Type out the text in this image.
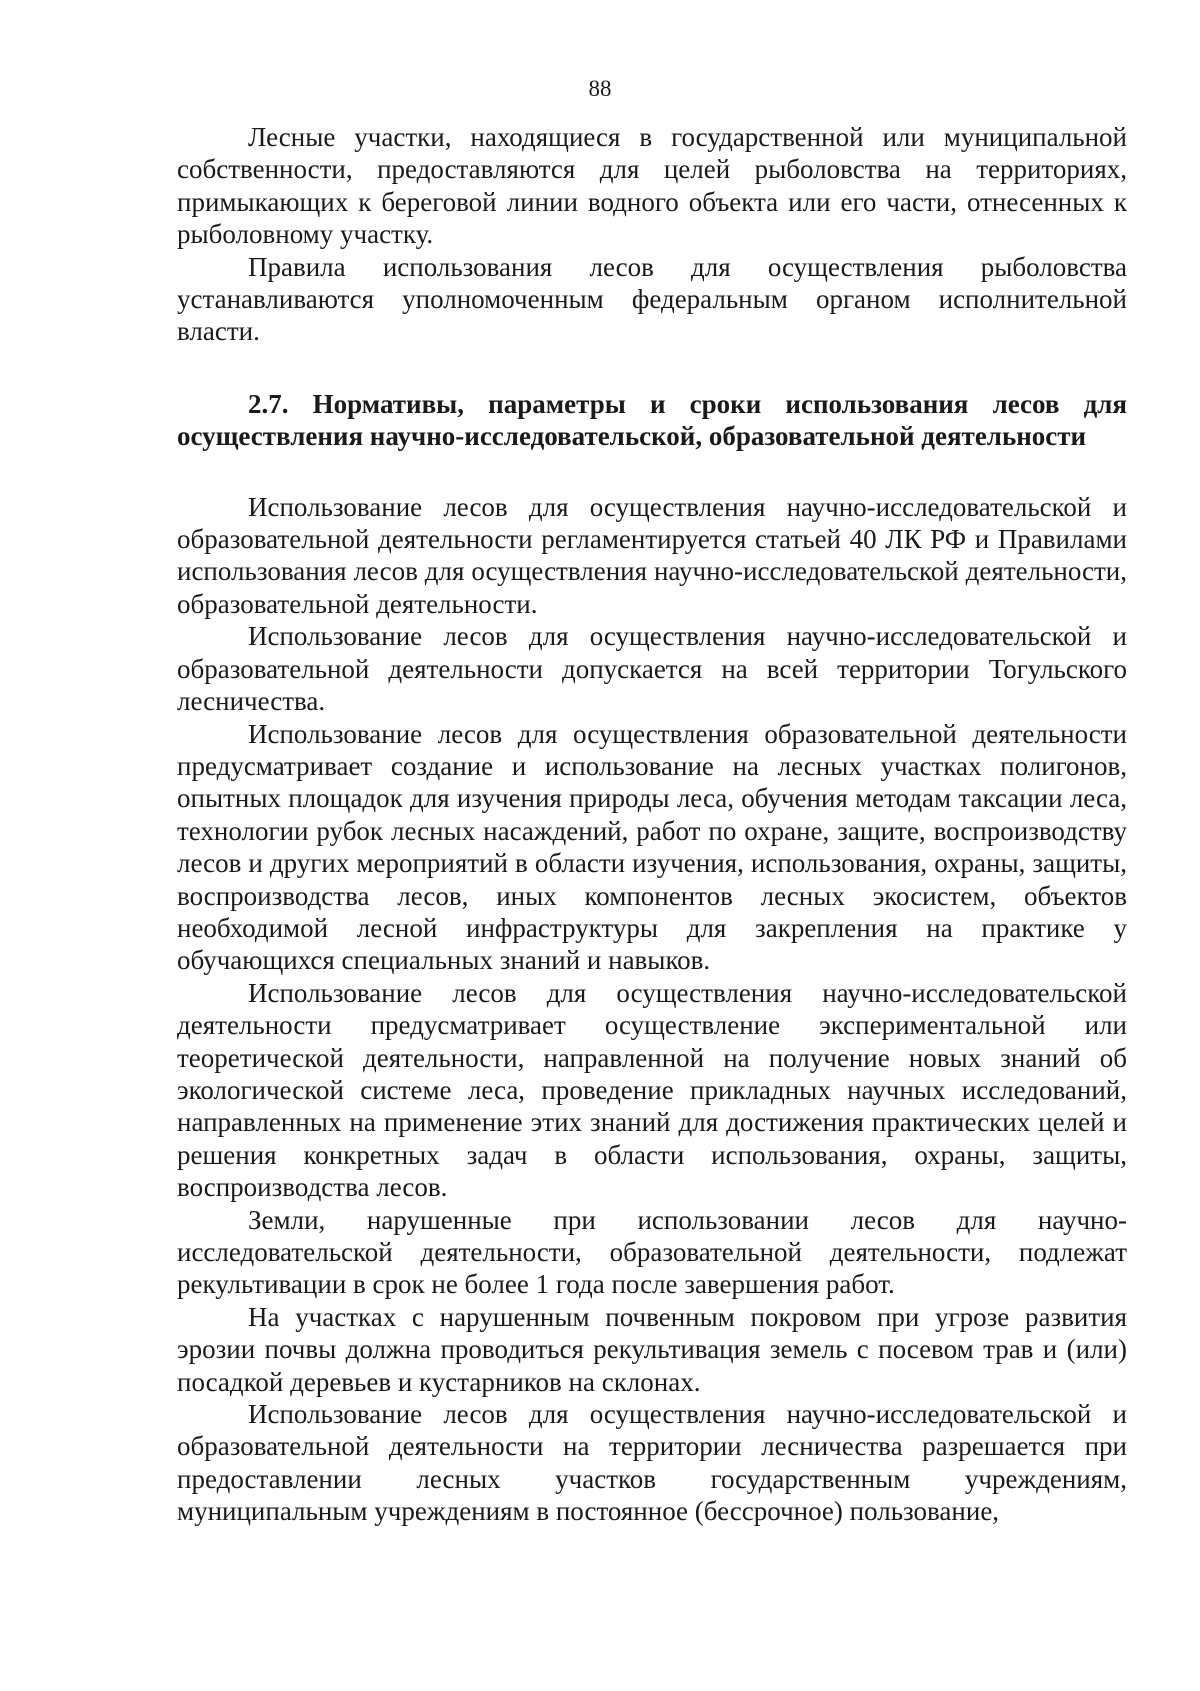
88

Лесные участки, находящиеся в государственной или муниципальной собственности, предоставляются для целей рыболовства на территориях, примыкающих к береговой линии водного объекта или его части, отнесенных к рыболовному участку.

Правила использования лесов для осуществления рыболовства устанавливаются уполномоченным федеральным органом исполнительной власти.

2.7. Нормативы, параметры и сроки использования лесов для осуществления научно-исследовательской, образовательной деятельности

Использование лесов для осуществления научно-исследовательской и образовательной деятельности регламентируется статьей 40 ЛК РФ и Правилами использования лесов для осуществления научно-исследовательской деятельности, образовательной деятельности.

Использование лесов для осуществления научно-исследовательской и образовательной деятельности допускается на всей территории Тогульского лесничества.

Использование лесов для осуществления образовательной деятельности предусматривает создание и использование на лесных участках полигонов, опытных площадок для изучения природы леса, обучения методам таксации леса, технологии рубок лесных насаждений, работ по охране, защите, воспроизводству лесов и других мероприятий в области изучения, использования, охраны, защиты, воспроизводства лесов, иных компонентов лесных экосистем, объектов необходимой лесной инфраструктуры для закрепления на практике у обучающихся специальных знаний и навыков.

Использование лесов для осуществления научно-исследовательской деятельности предусматривает осуществление экспериментальной или теоретической деятельности, направленной на получение новых знаний об экологической системе леса, проведение прикладных научных исследований, направленных на применение этих знаний для достижения практических целей и решения конкретных задач в области использования, охраны, защиты, воспроизводства лесов.

Земли, нарушенные при использовании лесов для научно-исследовательской деятельности, образовательной деятельности, подлежат рекультивации в срок не более 1 года после завершения работ.

На участках с нарушенным почвенным покровом при угрозе развития эрозии почвы должна проводиться рекультивация земель с посевом трав и (или) посадкой деревьев и кустарников на склонах.

Использование лесов для осуществления научно-исследовательской и образовательной деятельности на территории лесничества разрешается при предоставлении лесных участков государственным учреждениям, муниципальным учреждениям в постоянное (бессрочное) пользование,
